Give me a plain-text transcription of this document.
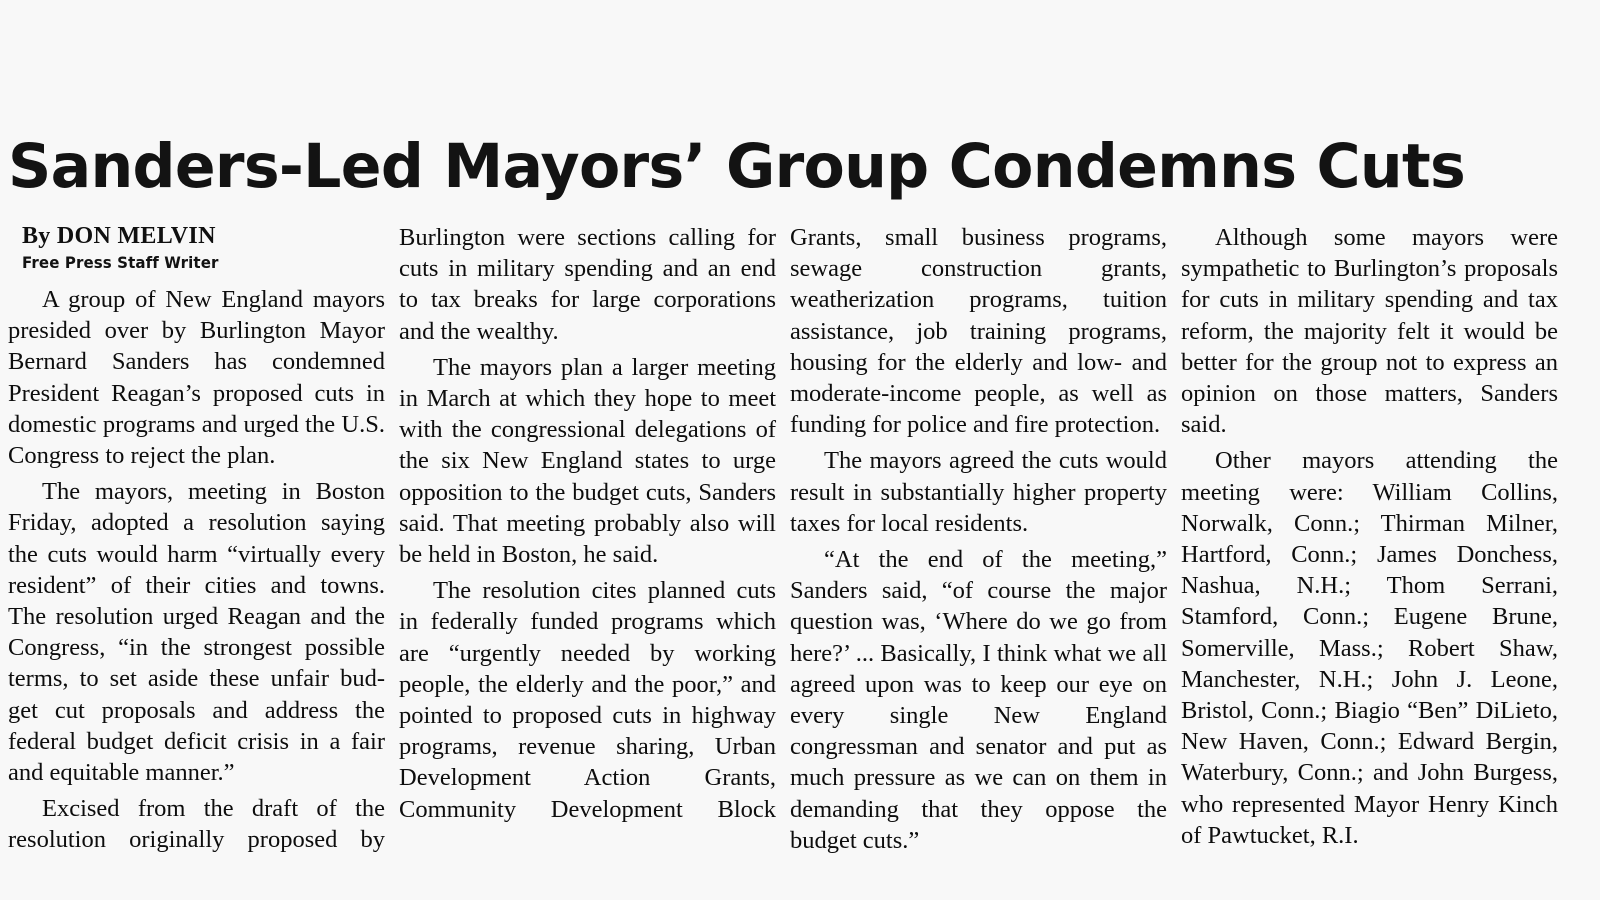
Sanders-Led Mayors’ Group Condemns Cuts
By DON MELVIN
Free Press Staff Writer

A group of New England mayors presided over by Burlington Mayor Bernard Sanders has condemned President Reagan’s proposed cuts in domestic programs and urged the U.S. Congress to reject the plan.

The mayors, meeting in Boston Friday, adopted a resolution saying the cuts would harm “virtually every resident” of their cities and towns. The resolution urged Reagan and the Congress, “in the strongest possible terms, to set aside these unfair bud-get cut proposals and address the federal budget deficit crisis in a fair and equitable manner.”

Excised from the draft of the resolution originally proposed by

Burlington were sections calling for cuts in military spending and an end to tax breaks for large corporations and the wealthy.

The mayors plan a larger meeting in March at which they hope to meet with the congressional delegations of the six New England states to urge opposition to the budget cuts, Sanders said. That meeting probably also will be held in Boston, he said.

The resolution cites planned cuts in federally funded programs which are “urgently needed by working people, the elderly and the poor,” and pointed to proposed cuts in highway programs, revenue sharing, Urban Development Action Grants, Community Development Block

Grants, small business programs, sewage construction grants, weatherization programs, tuition assistance, job training programs, housing for the elderly and low- and moderate-income people, as well as funding for police and fire protection.

The mayors agreed the cuts would result in substantially higher property taxes for local residents.

“At the end of the meeting,” Sanders said, “of course the major question was, ‘Where do we go from here?’ ... Basically, I think what we all agreed upon was to keep our eye on every single New England congressman and senator and put as much pressure as we can on them in demanding that they oppose the budget cuts.”

Although some mayors were sympathetic to Burlington’s proposals for cuts in military spending and tax reform, the majority felt it would be better for the group not to express an opinion on those matters, Sanders said.

Other mayors attending the meeting were: William Collins, Norwalk, Conn.; Thirman Milner, Hartford, Conn.; James Donchess, Nashua, N.H.; Thom Serrani, Stamford, Conn.; Eugene Brune, Somerville, Mass.; Robert Shaw, Manchester, N.H.; John J. Leone, Bristol, Conn.; Biagio “Ben” DiLieto, New Haven, Conn.; Edward Bergin, Waterbury, Conn.; and John Burgess, who represented Mayor Henry Kinch of Pawtucket, R.I.
